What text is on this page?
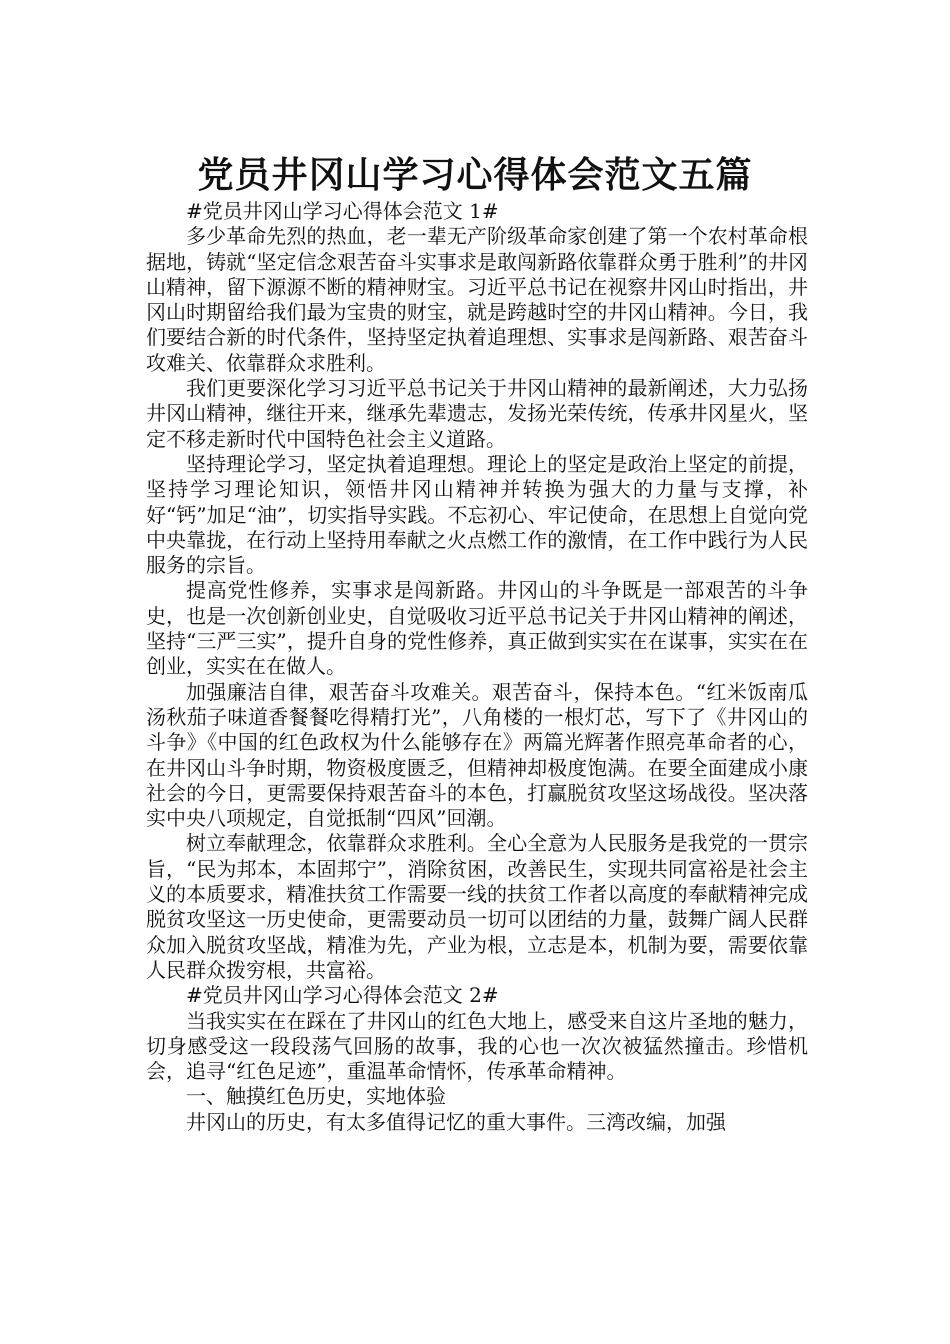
党员井冈山学习心得体会范文五篇

#党员井冈山学习心得体会范文 1#

多少革命先烈的热血，老一辈无产阶级革命家创建了第一个农村革命根据地，铸就“坚定信念艰苦奋斗实事求是敢闯新路依靠群众勇于胜利”的井冈山精神，留下源源不断的精神财宝。习近平总书记在视察井冈山时指出，井冈山时期留给我们最为宝贵的财宝，就是跨越时空的井冈山精神。今日，我们要结合新的时代条件，坚持坚定执着追理想、实事求是闯新路、艰苦奋斗攻难关、依靠群众求胜利。

我们更要深化学习习近平总书记关于井冈山精神的最新阐述，大力弘扬井冈山精神，继往开来，继承先辈遗志，发扬光荣传统，传承井冈星火，坚定不移走新时代中国特色社会主义道路。

坚持理论学习，坚定执着追理想。理论上的坚定是政治上坚定的前提，坚持学习理论知识，领悟井冈山精神并转换为强大的力量与支撑，补好“钙”加足“油”，切实指导实践。不忘初心、牢记使命，在思想上自觉向党中央靠拢，在行动上坚持用奉献之火点燃工作的激情，在工作中践行为人民服务的宗旨。

提高党性修养，实事求是闯新路。井冈山的斗争既是一部艰苦的斗争史，也是一次创新创业史，自觉吸收习近平总书记关于井冈山精神的阐述，坚持“三严三实”，提升自身的党性修养，真正做到实实在在谋事，实实在在创业，实实在在做人。

加强廉洁自律，艰苦奋斗攻难关。艰苦奋斗，保持本色。“红米饭南瓜汤秋茄子味道香餐餐吃得精打光”，八角楼的一根灯芯，写下了《井冈山的斗争》《中国的红色政权为什么能够存在》两篇光辉著作照亮革命者的心，在井冈山斗争时期，物资极度匮乏，但精神却极度饱满。在要全面建成小康社会的今日，更需要保持艰苦奋斗的本色，打赢脱贫攻坚这场战役。坚决落实中央八项规定，自觉抵制“四风”回潮。

树立奉献理念，依靠群众求胜利。全心全意为人民服务是我党的一贯宗旨，“民为邦本，本固邦宁”，消除贫困，改善民生，实现共同富裕是社会主义的本质要求，精准扶贫工作需要一线的扶贫工作者以高度的奉献精神完成脱贫攻坚这一历史使命，更需要动员一切可以团结的力量，鼓舞广阔人民群众加入脱贫攻坚战，精准为先，产业为根，立志是本，机制为要，需要依靠人民群众拨穷根，共富裕。

#党员井冈山学习心得体会范文 2#

当我实实在在踩在了井冈山的红色大地上，感受来自这片圣地的魅力，切身感受这一段段荡气回肠的故事，我的心也一次次被猛然撞击。珍惜机会，追寻“红色足迹”，重温革命情怀，传承革命精神。

一、触摸红色历史，实地体验

井冈山的历史，有太多值得记忆的重大事件。三湾改编，加强
